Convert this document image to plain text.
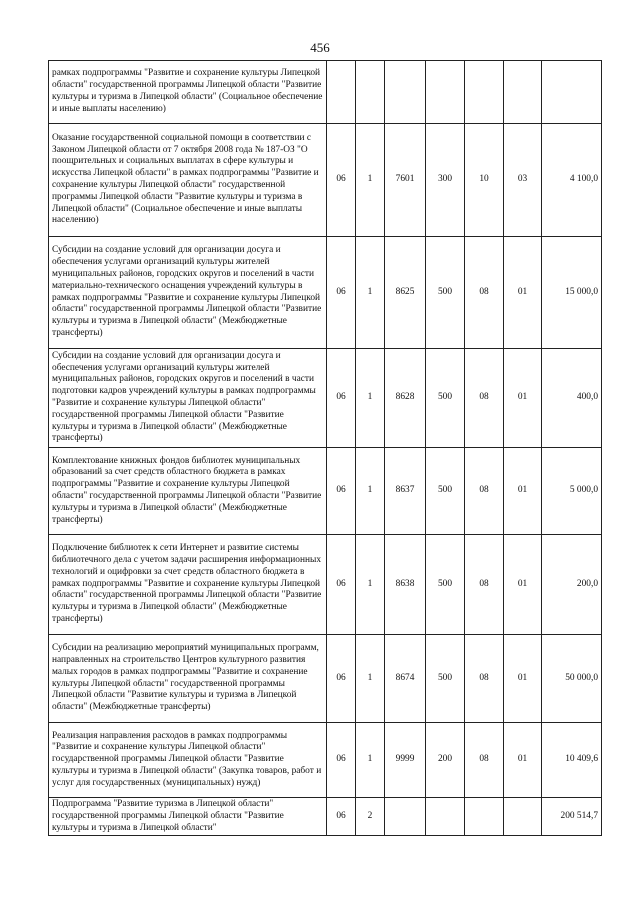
456
рамках подпрограммы "Развитие и сохранение культуры Липецкой области" государственной программы Липецкой области "Развитие культуры и туризма в Липецкой области" (Социальное обеспечение и иные выплаты населению)							
Оказание государственной социальной помощи в соответствии с Законом Липецкой области от 7 октября 2008 года № 187-ОЗ "О поощрительных и социальных выплатах в сфере культуры и искусства Липецкой области" в рамках подпрограммы "Развитие и сохранение культуры Липецкой области" государственной программы Липецкой области "Развитие культуры и туризма в Липецкой области" (Социальное обеспечение и иные выплаты населению)	06	1	7601	300	10	03	4 100,0
Субсидии на создание условий для организации досуга и обеспечения услугами организаций культуры жителей муниципальных районов, городских округов и поселений в части материально-технического оснащения учреждений культуры в рамках подпрограммы "Развитие и сохранение культуры Липецкой области" государственной программы Липецкой области "Развитие культуры и туризма в Липецкой области" (Межбюджетные трансферты)	06	1	8625	500	08	01	15 000,0
Субсидии на создание условий для организации досуга и обеспечения услугами организаций культуры жителей муниципальных районов, городских округов и поселений в части подготовки кадров учреждений культуры в рамках подпрограммы "Развитие и сохранение культуры Липецкой области" государственной программы Липецкой области "Развитие культуры и туризма в Липецкой области" (Межбюджетные трансферты)	06	1	8628	500	08	01	400,0
Комплектование книжных фондов библиотек муниципальных образований за счет средств областного бюджета в рамках подпрограммы "Развитие и сохранение культуры Липецкой области" государственной программы Липецкой области "Развитие культуры и туризма в Липецкой области" (Межбюджетные трансферты)	06	1	8637	500	08	01	5 000,0
Подключение библиотек к сети Интернет и развитие системы библиотечного дела с учетом задачи расширения информационных технологий и оцифровки за счет средств областного бюджета в рамках подпрограммы "Развитие и сохранение культуры Липецкой области" государственной программы Липецкой области "Развитие культуры и туризма в Липецкой области" (Межбюджетные трансферты)	06	1	8638	500	08	01	200,0
Субсидии на реализацию мероприятий муниципальных программ, направленных на строительство Центров культурного развития малых городов в рамках подпрограммы "Развитие и сохранение культуры Липецкой области" государственной программы Липецкой области "Развитие культуры и туризма в Липецкой области" (Межбюджетные трансферты)	06	1	8674	500	08	01	50 000,0
Реализация направления расходов в рамках подпрограммы "Развитие и сохранение культуры Липецкой области" государственной программы Липецкой области "Развитие культуры и туризма в Липецкой области" (Закупка товаров, работ и услуг для государственных (муниципальных) нужд)	06	1	9999	200	08	01	10 409,6
Подпрограмма "Развитие туризма в Липецкой области" государственной программы Липецкой области "Развитие культуры и туризма в Липецкой области"	06	2					200 514,7
